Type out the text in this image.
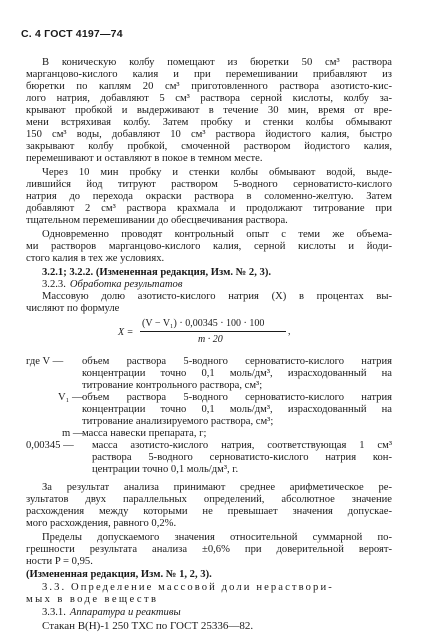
С. 4 ГОСТ 4197—74
В коническую колбу помещают из бюретки 50 см³ раствора
марганцово-кислого калия и при перемешивании прибавляют из
бюретки по каплям 20 см³ приготовленного раствора азотисто-кис-
лого натрия, добавляют 5 см³ раствора серной кислоты, колбу за-
крывают пробкой и выдерживают в течение 30 мин, время от вре-
мени встряхивая колбу. Затем пробку и стенки колбы обмывают
150 см³ воды, добавляют 10 см³ раствора йодистого калия, быстро
закрывают колбу пробкой, смоченной раствором йодистого калия,
перемешивают и оставляют в покое в темном месте.
Через 10 мин пробку и стенки колбы обмывают водой, выде-
лившийся йод титруют раствором 5-водного серноватисто-кислого
натрия до перехода окраски раствора в соломенно-желтую. Затем
добавляют 2 см³ раствора крахмала и продолжают титрование при
тщательном перемешивании до обесцвечивания раствора.
Одновременно проводят контрольный опыт с теми же объема-
ми растворов марганцово-кислого калия, серной кислоты и йоди-
стого калия в тех же условиях.
3.2.1; 3.2.2. (Измененная редакция, Изм. № 2, 3).
3.2.3. Обработка результатов
Массовую долю азотисто-кислого натрия (X) в процентах вы-
числяют по формуле
X =
(V − V₁) · 0,00345 · 100 · 100
m · 20
,
где V — объем раствора 5-водного серноватисто-кислого натрия
концентрации точно 0,1 моль/дм³, израсходованный на
титрование контрольного раствора, см³;
V₁ — объем раствора 5-водного серноватисто-кислого натрия
концентрации точно 0,1 моль/дм³, израсходованный на
титрование анализируемого раствора, см³;
m —
масса навески препарата, г;
0,00345 — масса азотисто-кислого натрия, соответствующая 1 см³
раствора 5-водного серноватисто-кислого натрия кон-
центрации точно 0,1 моль/дм³, г.
За результат анализа принимают среднее арифметическое ре-
зультатов двух параллельных определений, абсолютное значение
расхождения между которыми не превышает значения допускае-
мого расхождения, равного 0,2%.
Пределы допускаемого значения относительной суммарной по-
грешности результата анализа ±0,6% при доверительной вероят-
ности P = 0,95.
(Измененная редакция, Изм. № 1, 2, 3).
3.3. Определение массовой доли нераствори-
мых в воде веществ
3.3.1. Аппаратура и реактивы
Стакан В(Н)-1 250 ТХС по ГОСТ 25336—82.
